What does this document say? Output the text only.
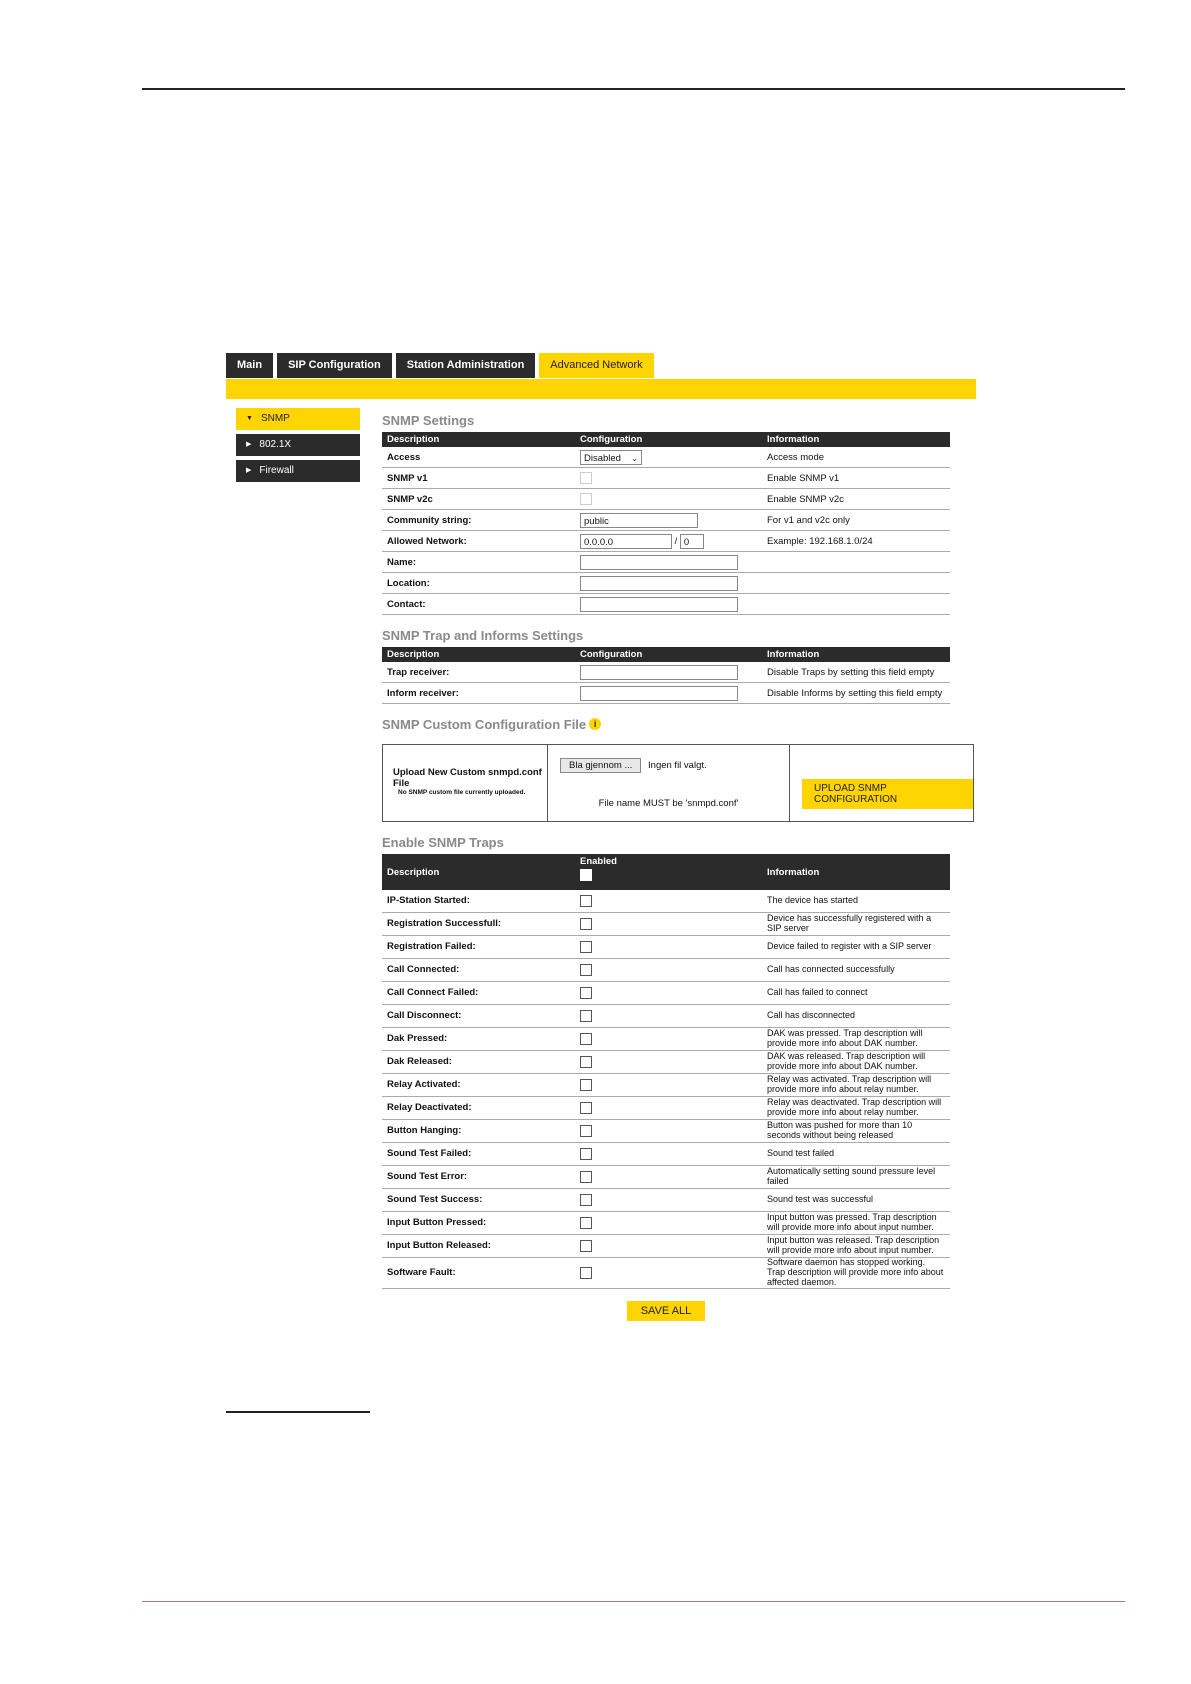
Main	SIP Configuration	Station Administration	Advanced Network
▼ SNMP
▶ 802.1X
▶ Firewall
SNMP Settings
Description	Configuration	Information
Access	Disabled ⌄	Access mode
SNMP v1		Enable SNMP v1
SNMP v2c		Enable SNMP v2c
Community string:	public	For v1 and v2c only
Allowed Network:	0.0.0.0 / 0	Example: 192.168.1.0/24
Name:		
Location:		
Contact:		
SNMP Trap and Informs Settings
Description	Configuration	Information
Trap receiver:		Disable Traps by setting this field empty
Inform receiver:		Disable Informs by setting this field empty
SNMP Custom Configuration File i
Upload New Custom snmpd.conf File
No SNMP custom file currently uploaded.
Bla gjennom ... Ingen fil valgt.
File name MUST be 'snmpd.conf'
UPLOAD SNMP CONFIGURATION
Enable SNMP Traps
Description	Enabled	Information
IP-Station Started:		The device has started
Registration Successfull:		Device has successfully registered with a SIP server
Registration Failed:		Device failed to register with a SIP server
Call Connected:		Call has connected successfully
Call Connect Failed:		Call has failed to connect
Call Disconnect:		Call has disconnected
Dak Pressed:		DAK was pressed. Trap description will provide more info about DAK number.
Dak Released:		DAK was released. Trap description will provide more info about DAK number.
Relay Activated:		Relay was activated. Trap description will provide more info about relay number.
Relay Deactivated:		Relay was deactivated. Trap description will provide more info about relay number.
Button Hanging:		Button was pushed for more than 10 seconds without being released
Sound Test Failed:		Sound test failed
Sound Test Error:		Automatically setting sound pressure level failed
Sound Test Success:		Sound test was successful
Input Button Pressed:		Input button was pressed. Trap description will provide more info about input number.
Input Button Released:		Input button was released. Trap description will provide more info about input number.
Software Fault:		Software daemon has stopped working. Trap description will provide more info about affected daemon.
SAVE ALL
